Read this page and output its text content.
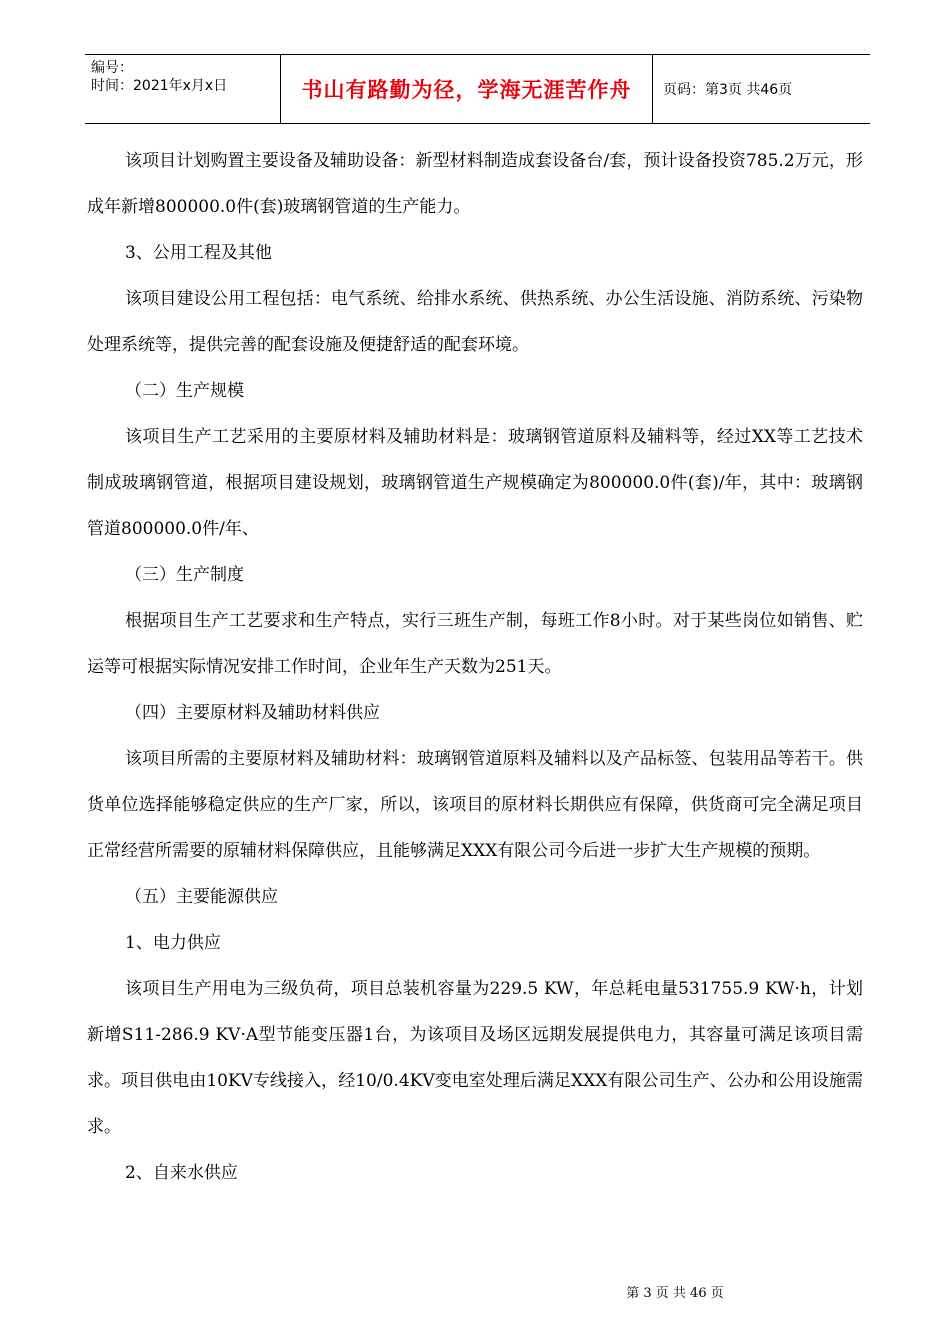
编号：
时间：2021年x月x日	书山有路勤为径，学海无涯苦作舟	页码：第3页 共46页

该项目计划购置主要设备及辅助设备：新型材料制造成套设备台/套，预计设备投资785.2万元，形成年新增800000.0件(套)玻璃钢管道的生产能力。

3、公用工程及其他

该项目建设公用工程包括：电气系统、给排水系统、供热系统、办公生活设施、消防系统、污染物处理系统等，提供完善的配套设施及便捷舒适的配套环境。

（二）生产规模

该项目生产工艺采用的主要原材料及辅助材料是：玻璃钢管道原料及辅料等，经过XX等工艺技术制成玻璃钢管道，根据项目建设规划，玻璃钢管道生产规模确定为800000.0件(套)/年，其中：玻璃钢管道800000.0件/年、

（三）生产制度

根据项目生产工艺要求和生产特点，实行三班生产制，每班工作8小时。对于某些岗位如销售、贮运等可根据实际情况安排工作时间，企业年生产天数为251天。

（四）主要原材料及辅助材料供应

该项目所需的主要原材料及辅助材料：玻璃钢管道原料及辅料以及产品标签、包装用品等若干。供货单位选择能够稳定供应的生产厂家，所以，该项目的原材料长期供应有保障，供货商可完全满足项目正常经营所需要的原辅材料保障供应，且能够满足XXX有限公司今后进一步扩大生产规模的预期。

（五）主要能源供应

1、电力供应

该项目生产用电为三级负荷，项目总装机容量为229.5 KW，年总耗电量531755.9 KW·h，计划新增S11-286.9 KV·A型节能变压器1台，为该项目及场区远期发展提供电力，其容量可满足该项目需求。项目供电由10KV专线接入，经10/0.4KV变电室处理后满足XXX有限公司生产、公办和公用设施需求。

2、自来水供应

第 3 页 共 46 页
